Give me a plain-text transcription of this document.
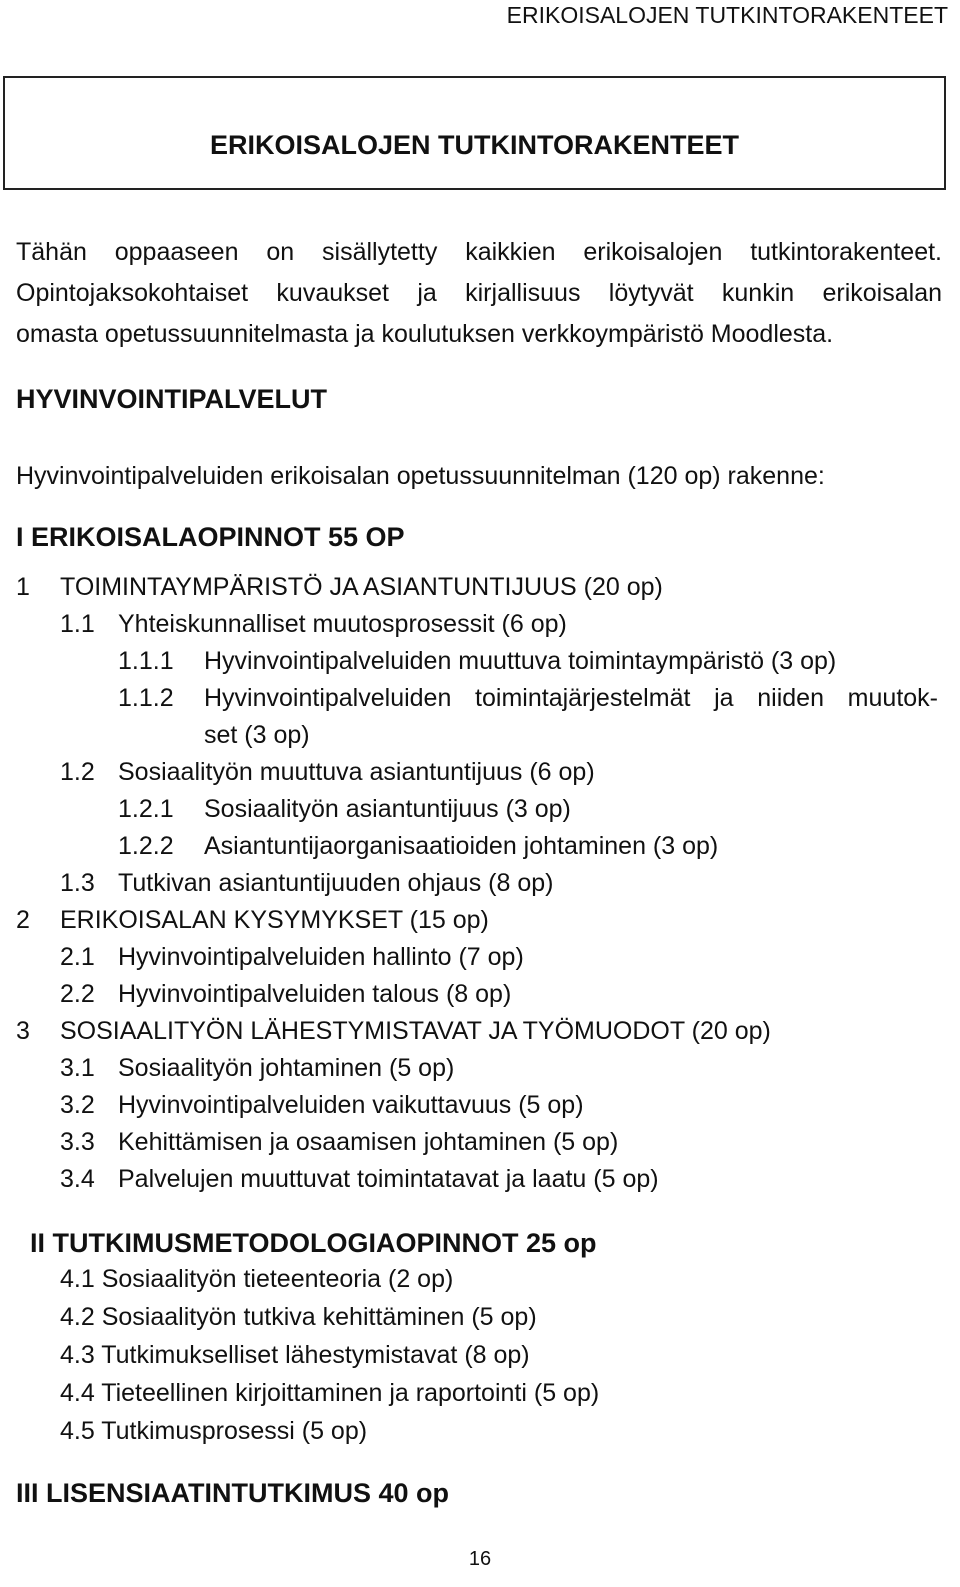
ERIKOISALOJEN TUTKINTORAKENTEET
ERIKOISALOJEN TUTKINTORAKENTEET
Tähän oppaaseen on sisällytetty kaikkien erikoisalojen tutkintorakenteet.
Opintojaksokohtaiset kuvaukset ja kirjallisuus löytyvät kunkin erikoisalan
omasta opetussuunnitelmasta ja koulutuksen verkkoympäristö Moodlesta.
HYVINVOINTIPALVELUT
Hyvinvointipalveluiden erikoisalan opetussuunnitelman (120 op) rakenne:
I ERIKOISALAOPINNOT 55 OP
1 TOIMINTAYMPÄRISTÖ JA ASIANTUNTIJUUS (20 op)
1.1 Yhteiskunnalliset muutosprosessit (6 op)
1.1.1 Hyvinvointipalveluiden muuttuva toimintaympäristö (3 op)
1.1.2 Hyvinvointipalveluiden toimintajärjestelmät ja niiden muutok-
set (3 op)
1.2 Sosiaalityön muuttuva asiantuntijuus (6 op)
1.2.1 Sosiaalityön asiantuntijuus (3 op)
1.2.2 Asiantuntijaorganisaatioiden johtaminen (3 op)
1.3 Tutkivan asiantuntijuuden ohjaus (8 op)
2 ERIKOISALAN KYSYMYKSET (15 op)
2.1 Hyvinvointipalveluiden hallinto (7 op)
2.2 Hyvinvointipalveluiden talous (8 op)
3 SOSIAALITYÖN LÄHESTYMISTAVAT JA TYÖMUODOT (20 op)
3.1 Sosiaalityön johtaminen (5 op)
3.2 Hyvinvointipalveluiden vaikuttavuus (5 op)
3.3 Kehittämisen ja osaamisen johtaminen (5 op)
3.4 Palvelujen muuttuvat toimintatavat ja laatu (5 op)
II TUTKIMUSMETODOLOGIAOPINNOT 25 op
4.1 Sosiaalityön tieteenteoria (2 op)
4.2 Sosiaalityön tutkiva kehittäminen (5 op)
4.3 Tutkimukselliset lähestymistavat (8 op)
4.4 Tieteellinen kirjoittaminen ja raportointi (5 op)
4.5 Tutkimusprosessi (5 op)
III LISENSIAATINTUTKIMUS 40 op
16
